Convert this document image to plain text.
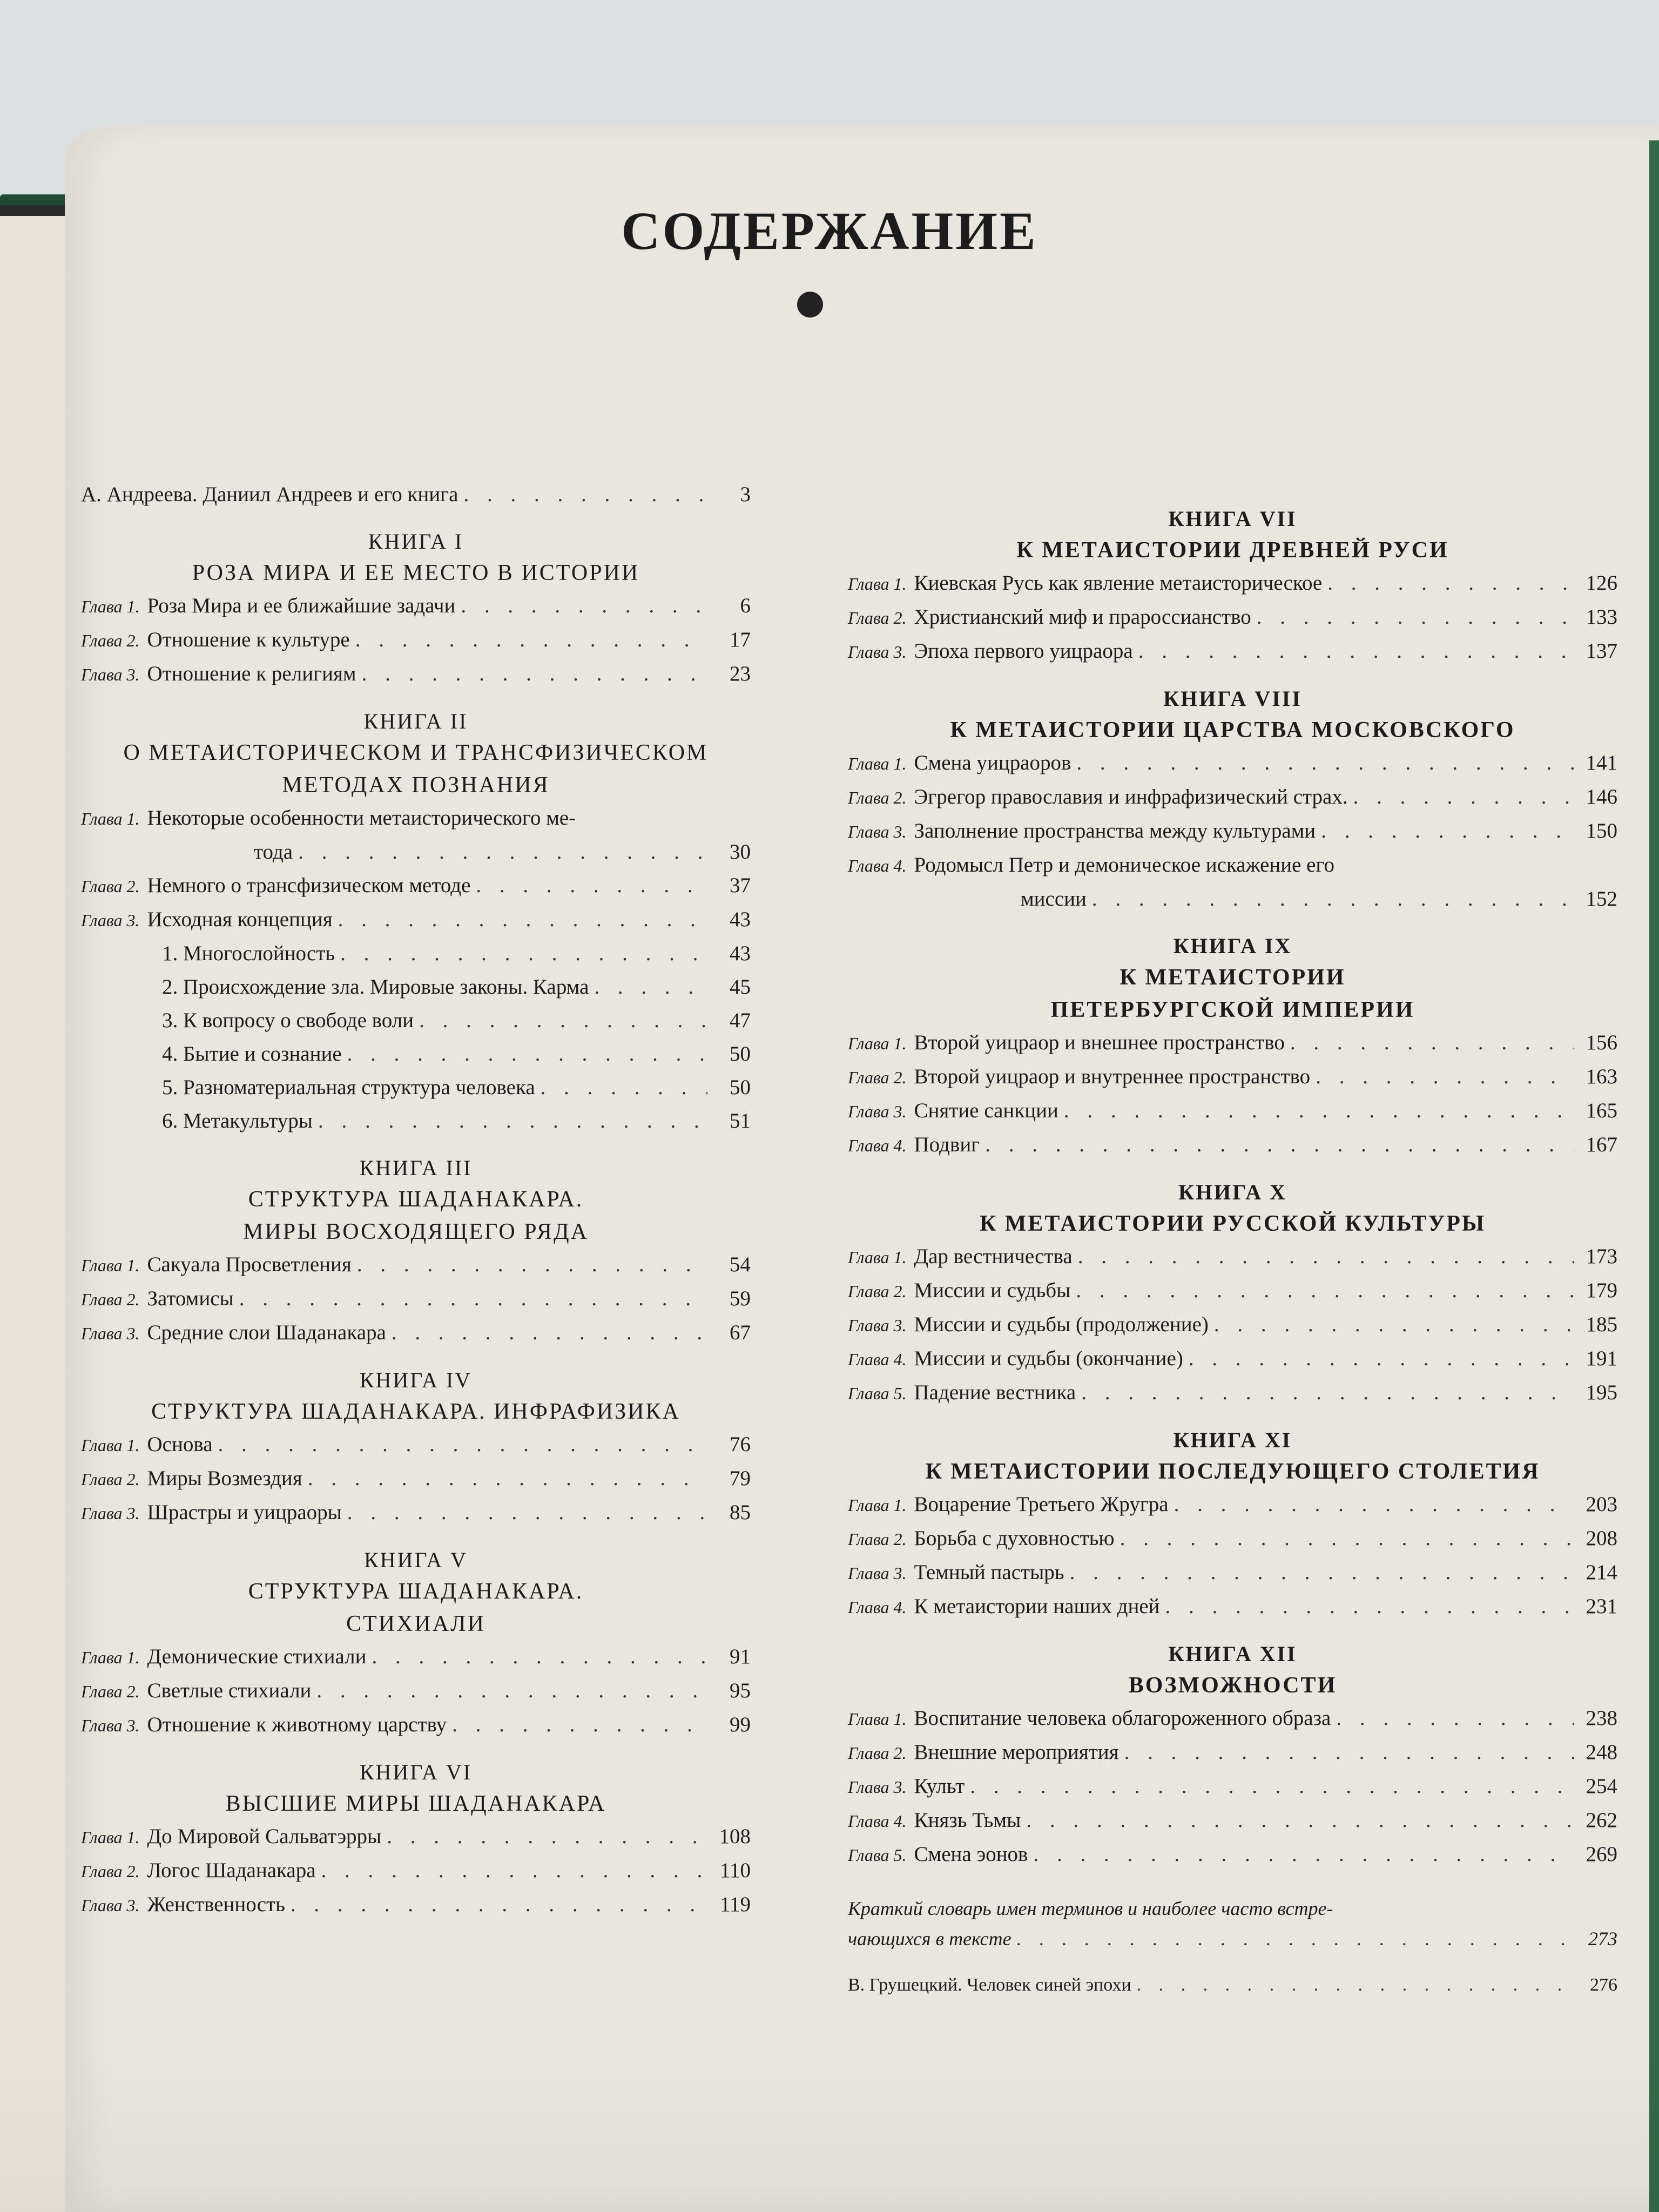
СОДЕРЖАНИЕ
А. Андреева. Даниил Андреев и его книга . . .	3
КНИГА I
РОЗА МИРА И ЕЕ МЕСТО В ИСТОРИИ
Глава 1. Роза Мира и ее ближайшие задачи . . .	6
Глава 2. Отношение к культуре . . .	17
Глава 3. Отношение к религиям . . .	23
КНИГА II
О МЕТАИСТОРИЧЕСКОМ И ТРАНСФИЗИЧЕСКОМ
МЕТОДАХ ПОЗНАНИЯ
Глава 1. Некоторые особенности метаисторического ме-
тода . . .	30
Глава 2. Немного о трансфизическом методе . . .	37
Глава 3. Исходная концепция . . .	43
1. Многослойность . . .	43
2. Происхождение зла. Мировые законы. Карма . . .	45
3. К вопросу о свободе воли . . .	47
4. Бытие и сознание . . .	50
5. Разноматериальная структура человека . . .	50
6. Метакультуры . . .	51
КНИГА III
СТРУКТУРА ШАДАНАКАРА.
МИРЫ ВОСХОДЯЩЕГО РЯДА
Глава 1. Сакуала Просветления . . .	54
Глава 2. Затомисы . . .	59
Глава 3. Средние слои Шаданакара . . .	67
КНИГА IV
СТРУКТУРА ШАДАНАКАРА. ИНФРАФИЗИКА
Глава 1. Основа . . .	76
Глава 2. Миры Возмездия . . .	79
Глава 3. Шрастры и уицраоры . . .	85
КНИГА V
СТРУКТУРА ШАДАНАКАРА.
СТИХИАЛИ
Глава 1. Демонические стихиали . . .	91
Глава 2. Светлые стихиали . . .	95
Глава 3. Отношение к животному царству . . .	99
КНИГА VI
ВЫСШИЕ МИРЫ ШАДАНАКАРА
Глава 1. До Мировой Сальватэрры . . .	108
Глава 2. Логос Шаданакара . . .	110
Глава 3. Женственность . . .	119
КНИГА VII
К МЕТАИСТОРИИ ДРЕВНЕЙ РУСИ
Глава 1. Киевская Русь как явление метаисторическое . . .	126
Глава 2. Христианский миф и прароссианство . . .	133
Глава 3. Эпоха первого уицраора . . .	137
КНИГА VIII
К МЕТАИСТОРИИ ЦАРСТВА МОСКОВСКОГО
Глава 1. Смена уицраоров . . .	141
Глава 2. Эгрегор православия и инфрафизический страх. . . .	146
Глава 3. Заполнение пространства между культурами . . .	150
Глава 4. Родомысл Петр и демоническое искажение его
миссии . . .	152
КНИГА IX
К МЕТАИСТОРИИ
ПЕТЕРБУРГСКОЙ ИМПЕРИИ
Глава 1. Второй уицраор и внешнее пространство . . .	156
Глава 2. Второй уицраор и внутреннее пространство . . .	163
Глава 3. Снятие санкции . . .	165
Глава 4. Подвиг . . .	167
КНИГА X
К МЕТАИСТОРИИ РУССКОЙ КУЛЬТУРЫ
Глава 1. Дар вестничества . . .	173
Глава 2. Миссии и судьбы . . .	179
Глава 3. Миссии и судьбы (продолжение) . . .	185
Глава 4. Миссии и судьбы (окончание) . . .	191
Глава 5. Падение вестника . . .	195
КНИГА XI
К МЕТАИСТОРИИ ПОСЛЕДУЮЩЕГО СТОЛЕТИЯ
Глава 1. Воцарение Третьего Жругра . . .	203
Глава 2. Борьба с духовностью . . .	208
Глава 3. Темный пастырь . . .	214
Глава 4. К метаистории наших дней . . .	231
КНИГА XII
ВОЗМОЖНОСТИ
Глава 1. Воспитание человека облагороженного образа . . .	238
Глава 2. Внешние мероприятия . . .	248
Глава 3. Культ . . .	254
Глава 4. Князь Тьмы . . .	262
Глава 5. Смена эонов . . .	269
Краткий словарь имен терминов и наиболее часто встре-
чающихся в тексте . . .	273
В. Грушецкий. Человек синей эпохи . . .	276
